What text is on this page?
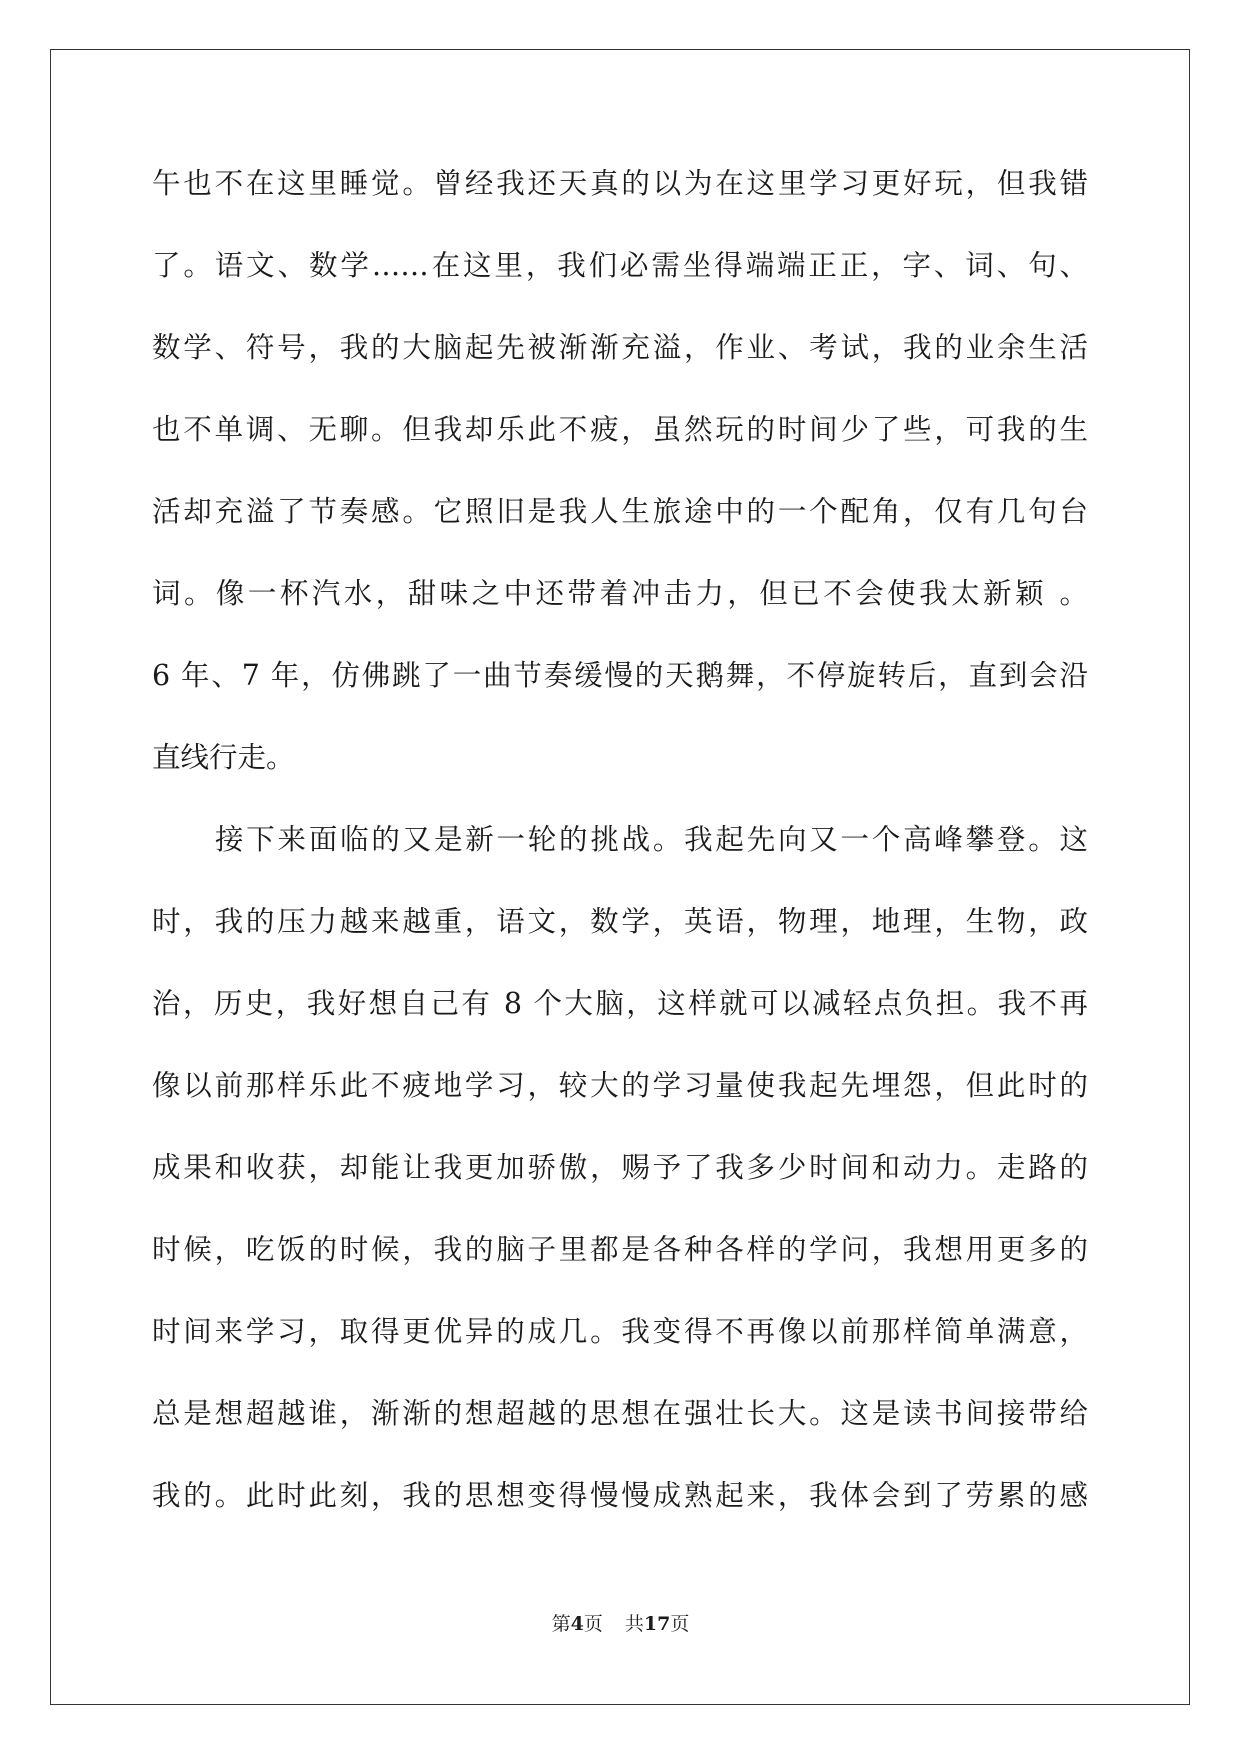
午也不在这里睡觉。曾经我还天真的以为在这里学习更好玩，但我错
了。语文、数学……在这里，我们必需坐得端端正正，字、词、句、
数学、符号，我的大脑起先被渐渐充溢，作业、考试，我的业余生活
也不单调、无聊。但我却乐此不疲，虽然玩的时间少了些，可我的生
活却充溢了节奏感。它照旧是我人生旅途中的一个配角，仅有几句台
词。像一杯汽水，甜味之中还带着冲击力，但已不会使我太新颖 。
6 年、7 年，仿佛跳了一曲节奏缓慢的天鹅舞，不停旋转后，直到会沿
直线行走。
接下来面临的又是新一轮的挑战。我起先向又一个高峰攀登。这
时，我的压力越来越重，语文，数学，英语，物理，地理，生物，政
治，历史，我好想自己有 8 个大脑，这样就可以减轻点负担。我不再
像以前那样乐此不疲地学习，较大的学习量使我起先埋怨，但此时的
成果和收获，却能让我更加骄傲，赐予了我多少时间和动力。走路的
时候，吃饭的时候，我的脑子里都是各种各样的学问，我想用更多的
时间来学习，取得更优异的成几。我变得不再像以前那样简单满意，
总是想超越谁，渐渐的想超越的思想在强壮长大。这是读书间接带给
我的。此时此刻，我的思想变得慢慢成熟起来，我体会到了劳累的感
第4页 共17页
